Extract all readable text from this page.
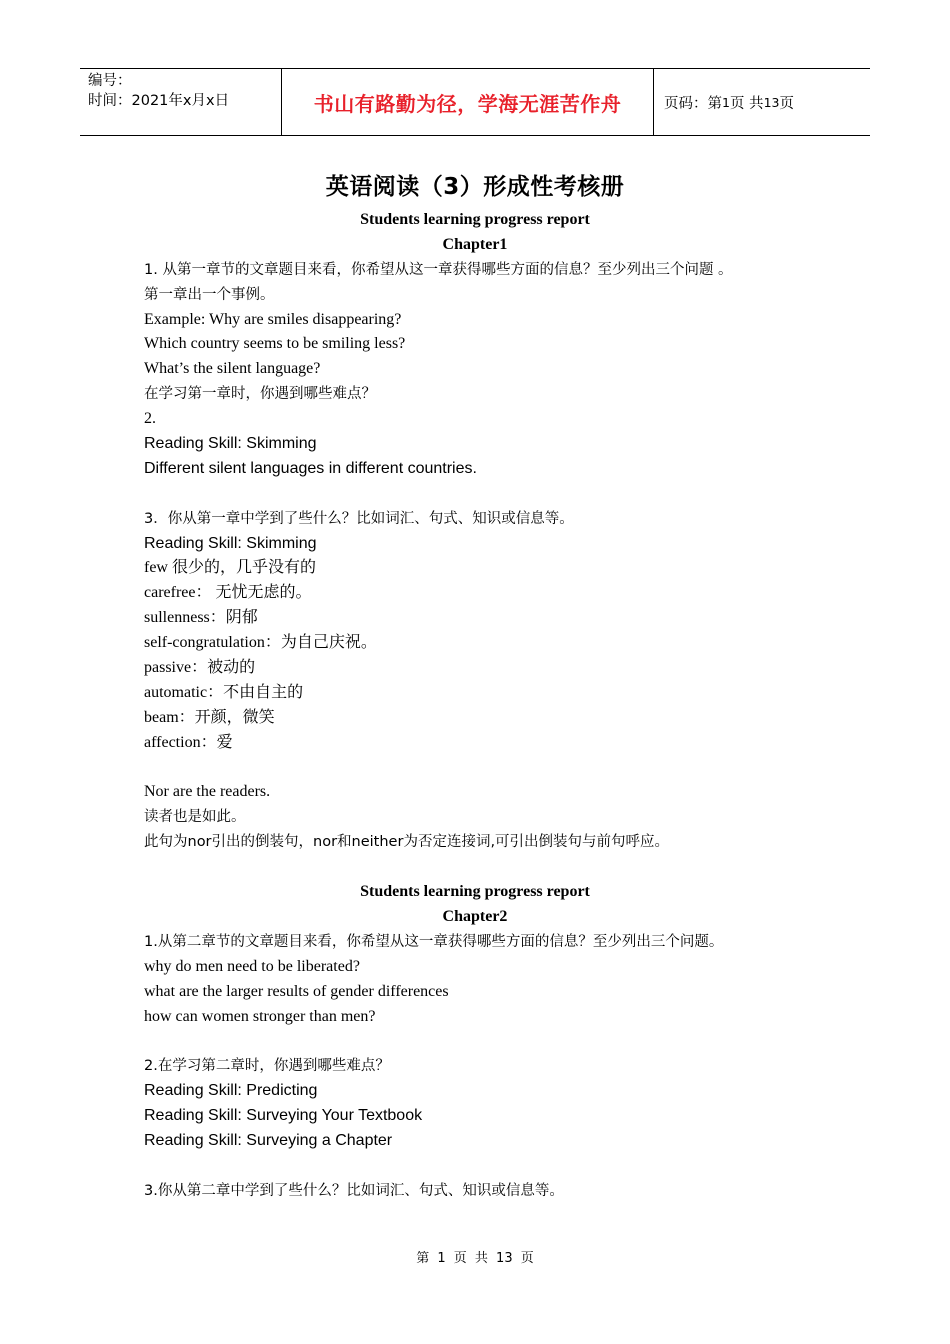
编号：
时间：2021年x月x日	书山有路勤为径，学海无涯苦作舟	页码：第 1 页 共 13 页
英语阅读（3）形成性考核册
Students learning progress report
Chapter1
1. 从第一章节的文章题目来看，你希望从这一章获得哪些方面的信息？至少列出三个问题 。
第一章出一个事例。
Example: Why are smiles disappearing?
Which country seems to be smiling less?
What’s the silent language?
在学习第一章时，你遇到哪些难点？
2.
Reading Skill: Skimming
Different silent languages in different countries.
3．你从第一章中学到了些什么？比如词汇、句式、知识或信息等。
Reading Skill: Skimming
few 很少的，几乎没有的
carefree： 无忧无虑的。
sullenness：阴郁
self-congratulation：为自己庆祝。
passive：被动的
automatic：不由自主的
beam：开颜，微笑
affection：爱
Nor are the readers.
读者也是如此。
此句为nor引出的倒装句，nor和neither为否定连接词,可引出倒装句与前句呼应。
Students learning progress report
Chapter2
1.从第二章节的文章题目来看，你希望从这一章获得哪些方面的信息？至少列出三个问题。
why do men need to be liberated?
what are the larger results of gender differences
how can women stronger than men?
2.在学习第二章时，你遇到哪些难点？
Reading Skill: Predicting
Reading Skill: Surveying Your Textbook
Reading Skill: Surveying a Chapter
3.你从第二章中学到了些什么？比如词汇、句式、知识或信息等。
第 1 页 共 13 页
